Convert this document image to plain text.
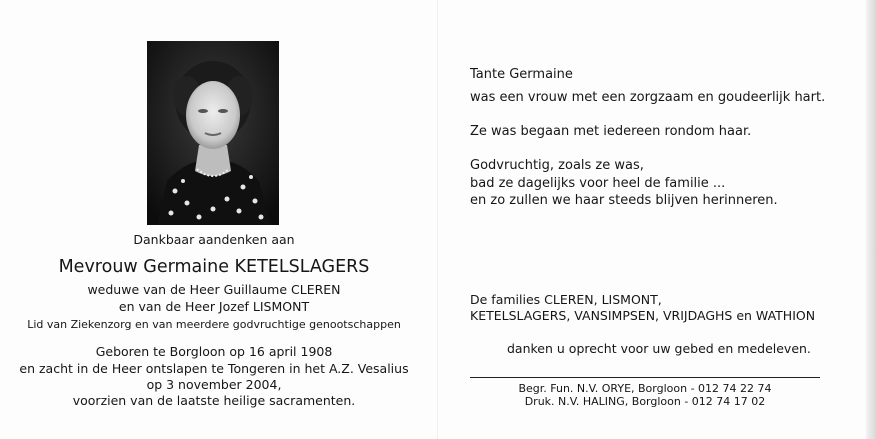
Dankbaar aandenken aan
Mevrouw Germaine KETELSLAGERS
weduwe van de Heer Guillaume CLEREN
en van de Heer Jozef LISMONT
Lid van Ziekenzorg en van meerdere godvruchtige genootschappen
Geboren te Borgloon op 16 april 1908
en zacht in de Heer ontslapen te Tongeren in het A.Z. Vesalius
op 3 november 2004,
voorzien van de laatste heilige sacramenten.
Tante Germaine
was een vrouw met een zorgzaam en goudeerlijk hart.
Ze was begaan met iedereen rondom haar.
Godvruchtig, zoals ze was,
bad ze dagelijks voor heel de familie ...
en zo zullen we haar steeds blijven herinneren.
De families CLEREN, LISMONT,
KETELSLAGERS, VANSIMPSEN, VRIJDAGHS en WATHION
danken u oprecht voor uw gebed en medeleven.
Begr. Fun. N.V. ORYE, Borgloon - 012 74 22 74
Druk. N.V. HALING, Borgloon - 012 74 17 02
